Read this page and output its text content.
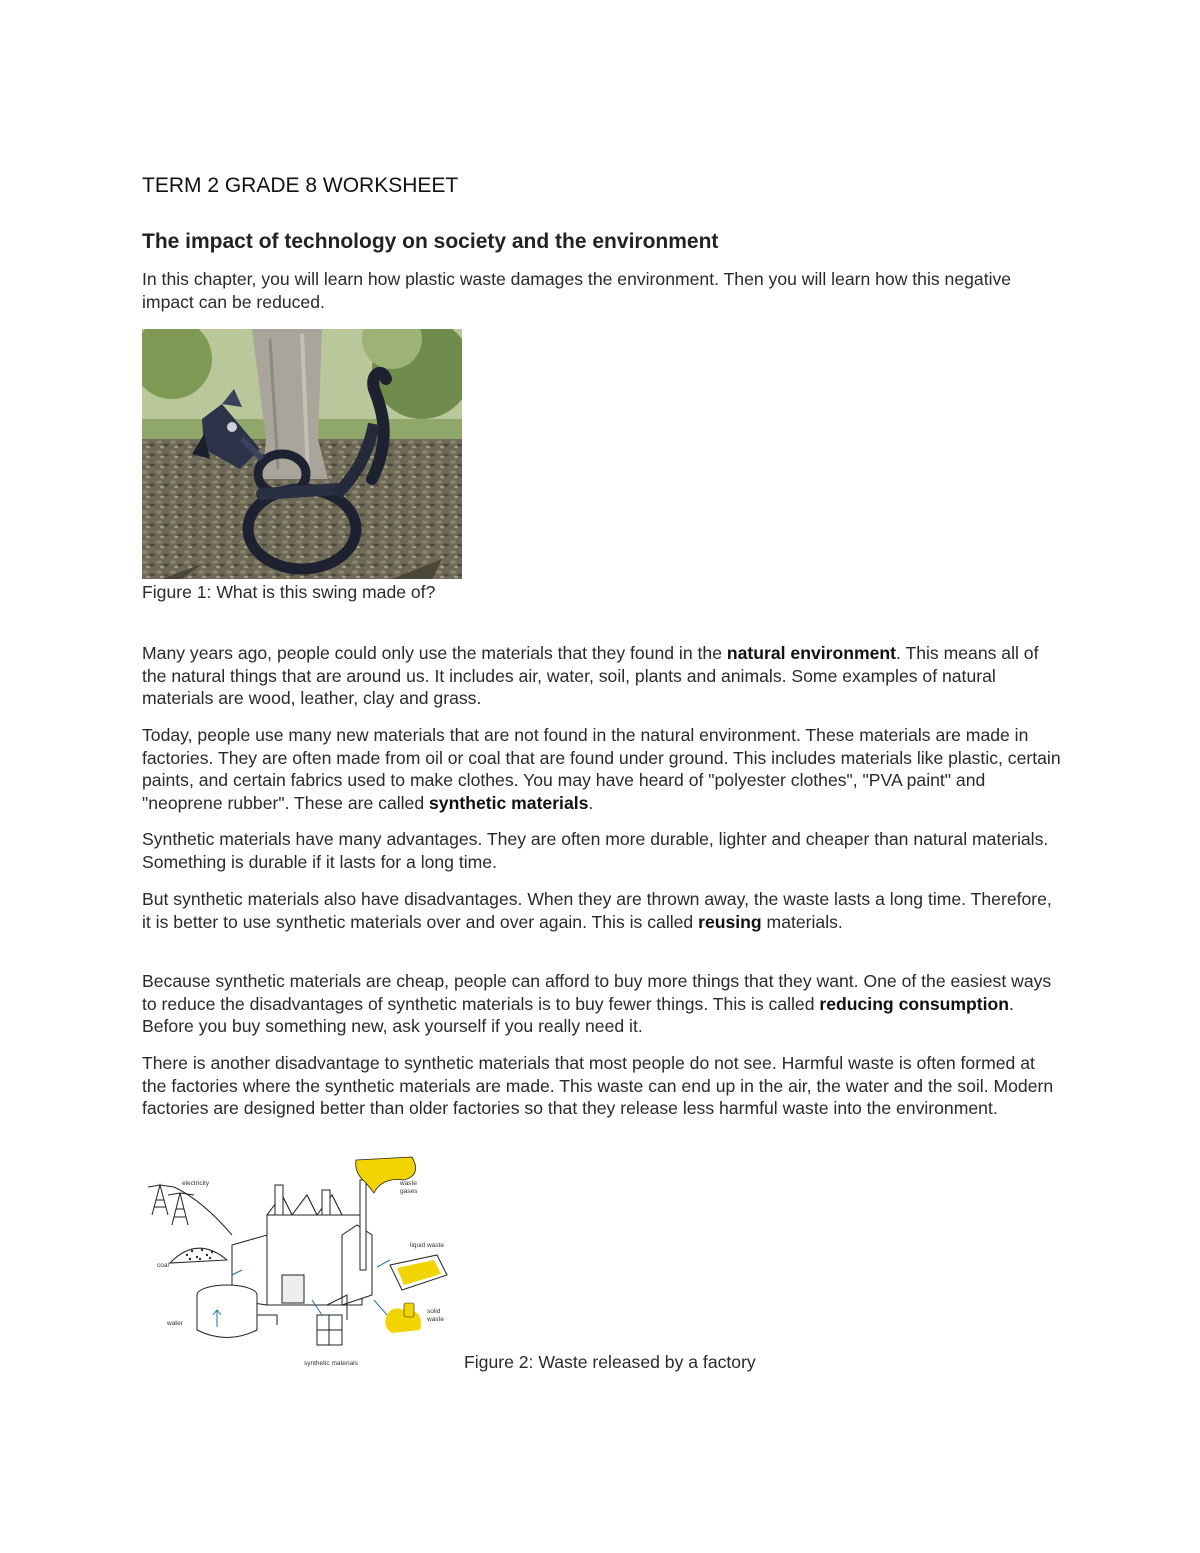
TERM 2 GRADE 8 WORKSHEET
The impact of technology on society and the environment

In this chapter, you will learn how plastic waste damages the environment. Then you will learn how this negative impact can be reduced.

Figure 1: What is this swing made of?

Many years ago, people could only use the materials that they found in the natural environment. This means all of the natural things that are around us. It includes air, water, soil, plants and animals. Some examples of natural materials are wood, leather, clay and grass.

Today, people use many new materials that are not found in the natural environment. These materials are made in factories. They are often made from oil or coal that are found under ground. This includes materials like plastic, certain paints, and certain fabrics used to make clothes. You may have heard of "polyester clothes", "PVA paint" and "neoprene rubber". These are called synthetic materials.

Synthetic materials have many advantages. They are often more durable, lighter and cheaper than natural materials. Something is durable if it lasts for a long time.

But synthetic materials also have disadvantages. When they are thrown away, the waste lasts a long time. Therefore, it is better to use synthetic materials over and over again. This is called reusing materials.

Because synthetic materials are cheap, people can afford to buy more things that they want. One of the easiest ways to reduce the disadvantages of synthetic materials is to buy fewer things. This is called reducing consumption. Before you buy something new, ask yourself if you really need it.

There is another disadvantage to synthetic materials that most people do not see. Harmful waste is often formed at the factories where the synthetic materials are made. This waste can end up in the air, the water and the soil. Modern factories are designed better than older factories so that they release less harmful waste into the environment.

electricity
coal
water
waste
gases
liquid waste
solid
waste
synthetic materials	Figure 2: Waste released by a factory
